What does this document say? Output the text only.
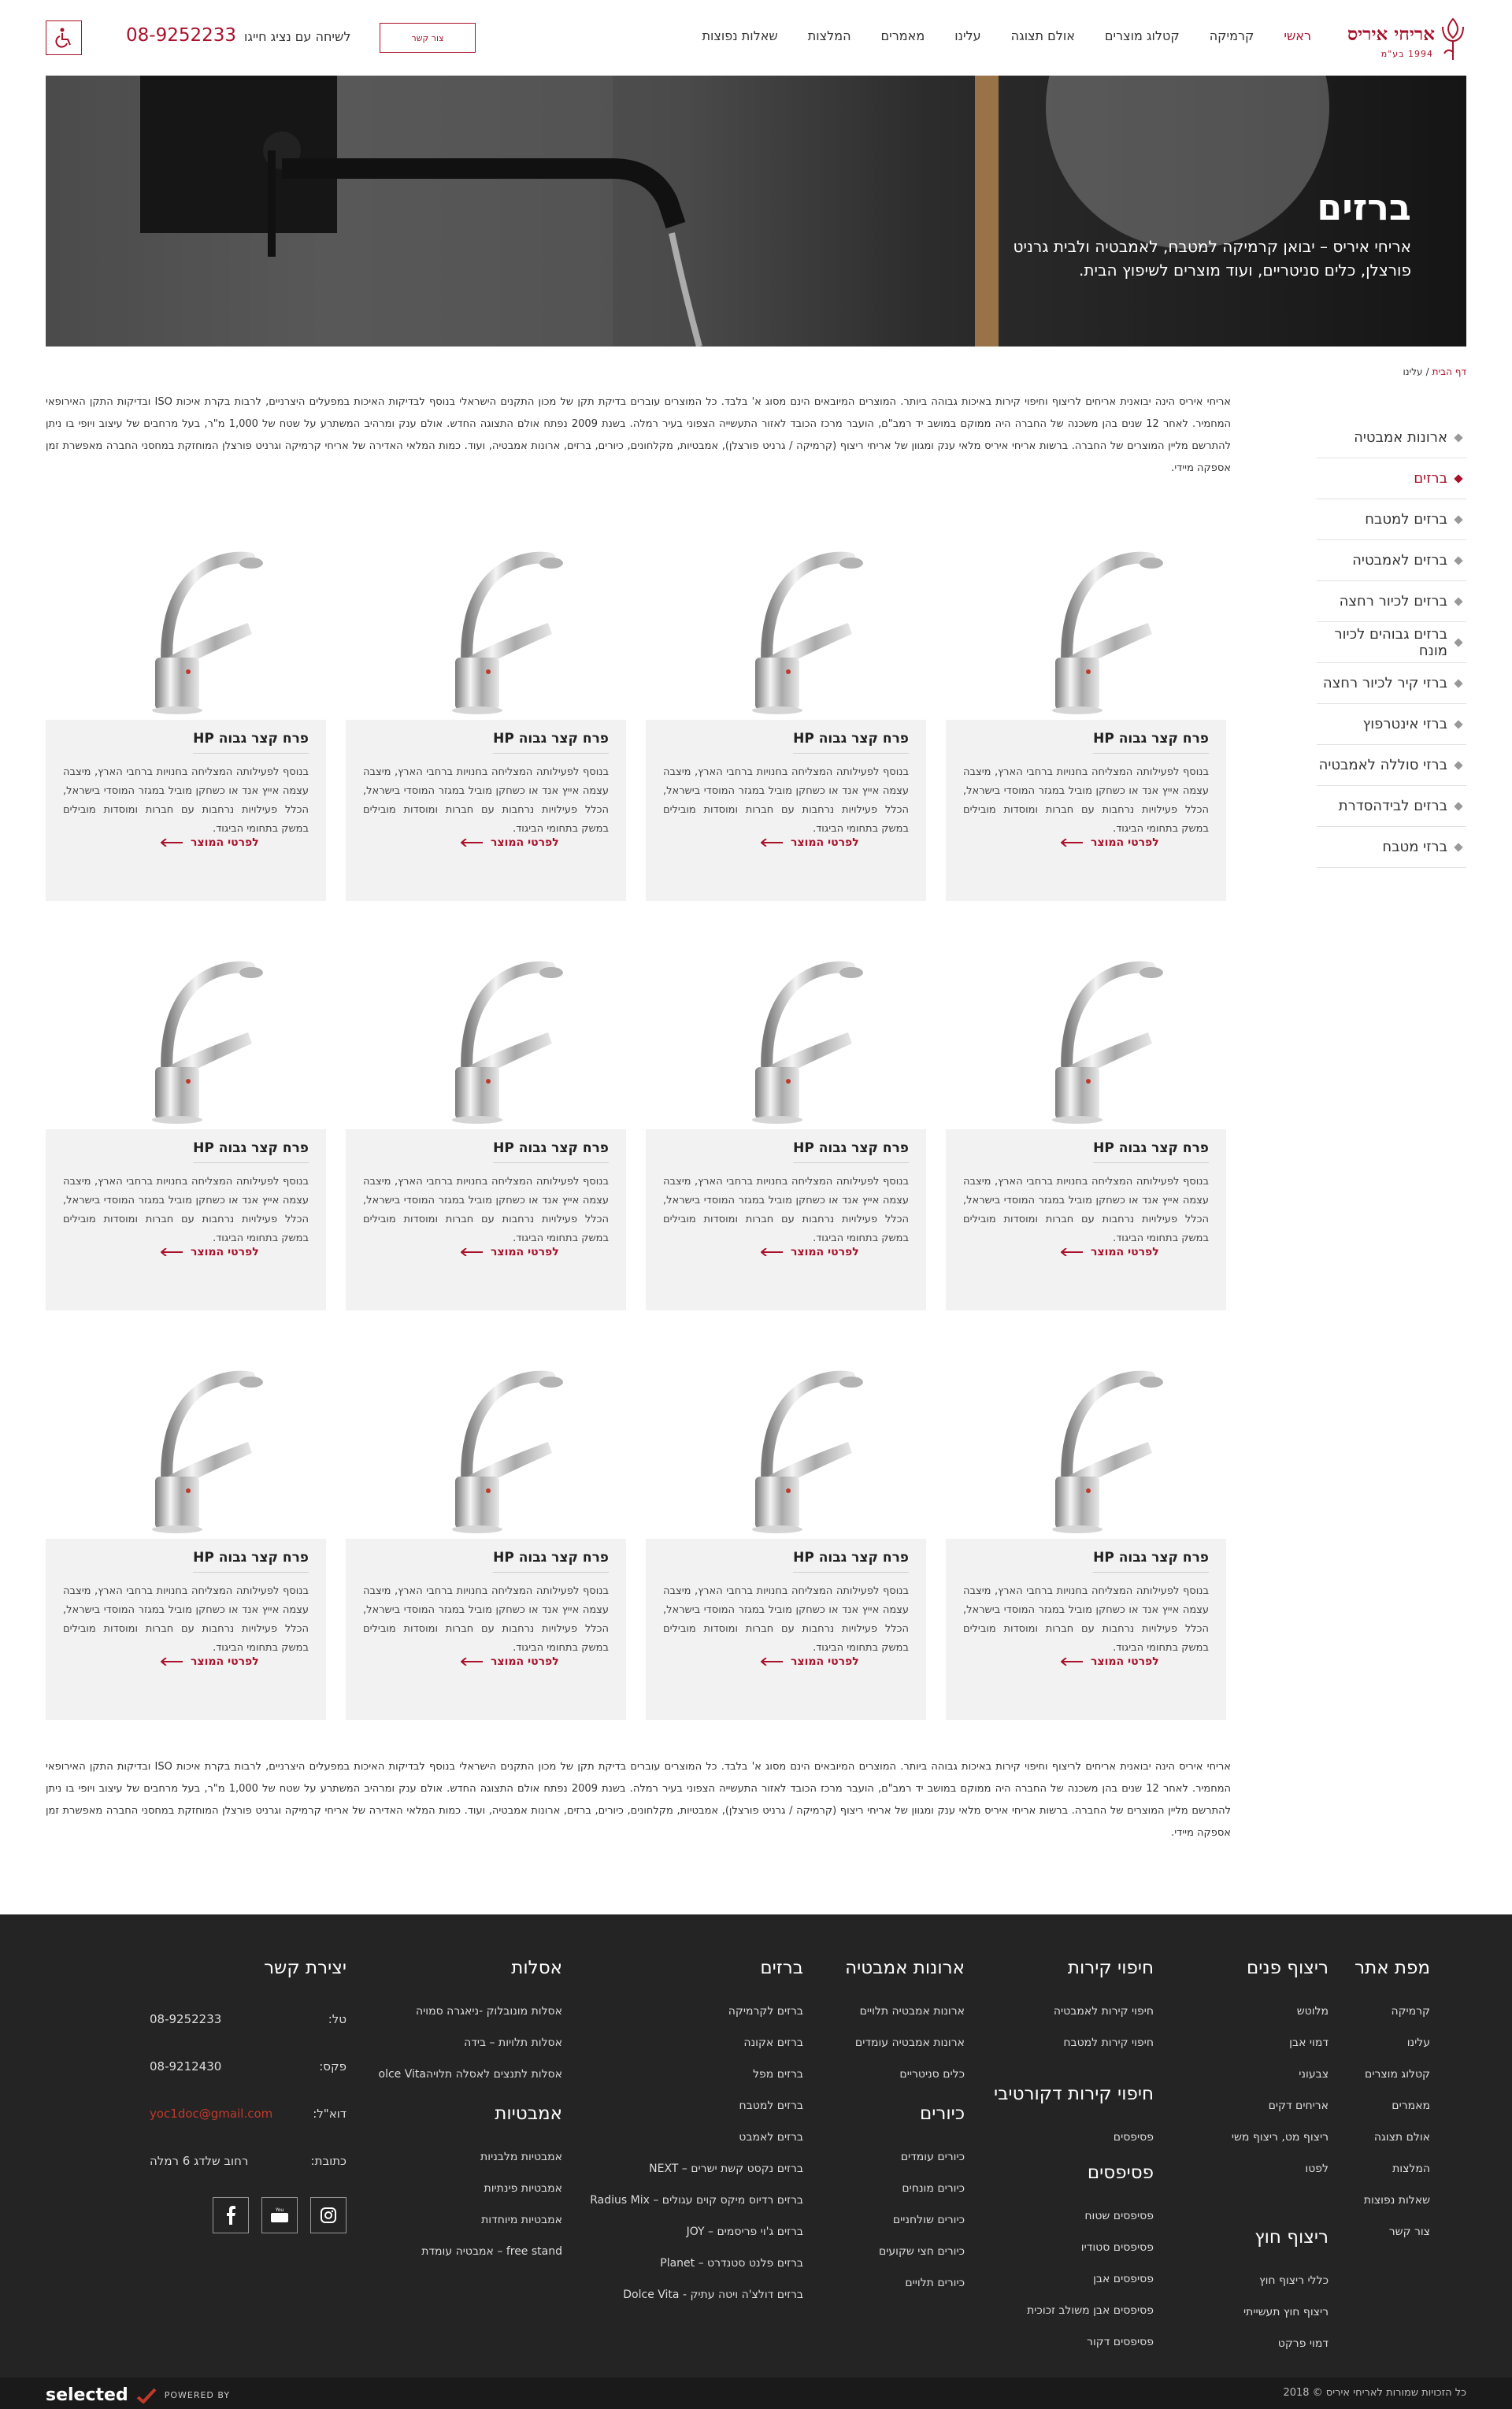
אריחי איריס
1994 בע"מ
ראשי
קרמיקה
קטלוג מוצרים
אולם תצוגה
עלינו
מאמרים
המלצות
שאלות נפוצות
צור קשר
לשיחה עם נציג חייגו
08-9252233
ברזים
אריחי איריס – יבואן קרמיקה למטבח, לאמבטיה ולבית גרניט פורצלן, כלים סניטריים, ועוד מוצרים לשיפוץ הבית.
דף הבית
/
עלינו
ארונות אמבטיה
ברזים
ברזים למטבח
ברזים לאמבטיה
ברזים לכיור רחצה
ברזים גבוהים לכיור מונח
ברזי קיר לכיור רחצה
ברזי אינטרפוץ
ברזי סוללה לאמבטיה
ברזים לבידהסדרת
ברזי מטבח

אריחי איריס הינה יבואנית אריחים לריצוף וחיפוי קירות באיכות גבוהה ביותר. המוצרים המיובאים הינם מסוג א' בלבד. כל המוצרים עוברים בדיקת תקן של מכון התקנים הישראלי בנוסף לבדיקות האיכות במפעלים היצרניים, לרבות בקרת איכות ISO ובדיקות התקן האירופאי המחמיר. לאחר 12 שנים בהן משכנה של החברה היה ממוקם במושב יד רמב"ם, הועבר מרכז הכובד לאזור התעשייה הצפוני בעיר רמלה. בשנת 2009 נפתח אולם התצוגה החדש. אולם ענק ומרהיב המשתרע על שטח של 1,000 מ"ר, בעל מרחבים של עיצוב ויופי בו ניתן להתרשם מליין המוצרים של החברה. ברשות אריחי איריס מלאי ענק ומגוון של אריחי ריצוף (קרמיקה / גרניט פורצלן), אמבטיות, מקלחונים, כיורים, ברזים, ארונות אמבטיה, ועוד. כמות המלאי האדירה של אריחי קרמיקה וגרניט פורצלן המוחזקת במחסני החברה מאפשרת זמן אספקה מיידי.

פרח קצר גבוה HP
בנוסף לפעילותה המצליחה בחנויות ברחבי הארץ, מיצבה עצמה אייץ אנד או כשחקן מוביל במגזר המוסדי בישראל, הכלל פעילויות נרחבות עם חברות ומוסדות מובילים במשק בתחומי הביגוד.
לפרטי המוצר
פרח קצר גבוה HP
בנוסף לפעילותה המצליחה בחנויות ברחבי הארץ, מיצבה עצמה אייץ אנד או כשחקן מוביל במגזר המוסדי בישראל, הכלל פעילויות נרחבות עם חברות ומוסדות מובילים במשק בתחומי הביגוד.
לפרטי המוצר
פרח קצר גבוה HP
בנוסף לפעילותה המצליחה בחנויות ברחבי הארץ, מיצבה עצמה אייץ אנד או כשחקן מוביל במגזר המוסדי בישראל, הכלל פעילויות נרחבות עם חברות ומוסדות מובילים במשק בתחומי הביגוד.
לפרטי המוצר
פרח קצר גבוה HP
בנוסף לפעילותה המצליחה בחנויות ברחבי הארץ, מיצבה עצמה אייץ אנד או כשחקן מוביל במגזר המוסדי בישראל, הכלל פעילויות נרחבות עם חברות ומוסדות מובילים במשק בתחומי הביגוד.
לפרטי המוצר
פרח קצר גבוה HP
בנוסף לפעילותה המצליחה בחנויות ברחבי הארץ, מיצבה עצמה אייץ אנד או כשחקן מוביל במגזר המוסדי בישראל, הכלל פעילויות נרחבות עם חברות ומוסדות מובילים במשק בתחומי הביגוד.
לפרטי המוצר
פרח קצר גבוה HP
בנוסף לפעילותה המצליחה בחנויות ברחבי הארץ, מיצבה עצמה אייץ אנד או כשחקן מוביל במגזר המוסדי בישראל, הכלל פעילויות נרחבות עם חברות ומוסדות מובילים במשק בתחומי הביגוד.
לפרטי המוצר
פרח קצר גבוה HP
בנוסף לפעילותה המצליחה בחנויות ברחבי הארץ, מיצבה עצמה אייץ אנד או כשחקן מוביל במגזר המוסדי בישראל, הכלל פעילויות נרחבות עם חברות ומוסדות מובילים במשק בתחומי הביגוד.
לפרטי המוצר
פרח קצר גבוה HP
בנוסף לפעילותה המצליחה בחנויות ברחבי הארץ, מיצבה עצמה אייץ אנד או כשחקן מוביל במגזר המוסדי בישראל, הכלל פעילויות נרחבות עם חברות ומוסדות מובילים במשק בתחומי הביגוד.
לפרטי המוצר
פרח קצר גבוה HP
בנוסף לפעילותה המצליחה בחנויות ברחבי הארץ, מיצבה עצמה אייץ אנד או כשחקן מוביל במגזר המוסדי בישראל, הכלל פעילויות נרחבות עם חברות ומוסדות מובילים במשק בתחומי הביגוד.
לפרטי המוצר
פרח קצר גבוה HP
בנוסף לפעילותה המצליחה בחנויות ברחבי הארץ, מיצבה עצמה אייץ אנד או כשחקן מוביל במגזר המוסדי בישראל, הכלל פעילויות נרחבות עם חברות ומוסדות מובילים במשק בתחומי הביגוד.
לפרטי המוצר
פרח קצר גבוה HP
בנוסף לפעילותה המצליחה בחנויות ברחבי הארץ, מיצבה עצמה אייץ אנד או כשחקן מוביל במגזר המוסדי בישראל, הכלל פעילויות נרחבות עם חברות ומוסדות מובילים במשק בתחומי הביגוד.
לפרטי המוצר
פרח קצר גבוה HP
בנוסף לפעילותה המצליחה בחנויות ברחבי הארץ, מיצבה עצמה אייץ אנד או כשחקן מוביל במגזר המוסדי בישראל, הכלל פעילויות נרחבות עם חברות ומוסדות מובילים במשק בתחומי הביגוד.
לפרטי המוצר

אריחי איריס הינה יבואנית אריחים לריצוף וחיפוי קירות באיכות גבוהה ביותר. המוצרים המיובאים הינם מסוג א' בלבד. כל המוצרים עוברים בדיקת תקן של מכון התקנים הישראלי בנוסף לבדיקות האיכות במפעלים היצרניים, לרבות בקרת איכות ISO ובדיקות התקן האירופאי המחמיר. לאחר 12 שנים בהן משכנה של החברה היה ממוקם במושב יד רמב"ם, הועבר מרכז הכובד לאזור התעשייה הצפוני בעיר רמלה. בשנת 2009 נפתח אולם התצוגה החדש. אולם ענק ומרהיב המשתרע על שטח של 1,000 מ"ר, בעל מרחבים של עיצוב ויופי בו ניתן להתרשם מליין המוצרים של החברה. ברשות אריחי איריס מלאי ענק ומגוון של אריחי ריצוף (קרמיקה / גרניט פורצלן), אמבטיות, מקלחונים, כיורים, ברזים, ארונות אמבטיה, ועוד. כמות המלאי האדירה של אריחי קרמיקה וגרניט פורצלן המוחזקת במחסני החברה מאפשרת זמן אספקה מיידי.

יצירת קשר
טל:
08-9252233
פקס:
08-9212430
דוא"ל:
yoc1doc@gmail.com
כתובת:
רחוב שלדג 6 רמלה
You
מפת אתר
קרמיקה
עלינו
קטלוג מוצרים
מאמרים
אולם תצוגה
המלצות
שאלות נפוצות
צור קשר
ריצוף פנים
מלוטש
דמוי אבן
צבעוני
אריחים דקים
ריצוף מט, ריצוף משי
לפטו
ריצוף חוץ
כללי ריצוף חוץ
ריצוף חוץ תעשייתי
דמוי פרקט
חיפוי קירות
חיפוי קירות לאמבטיה
חיפוי קירות למטבח
חיפוי קירות דקורטיבי
פסיפסים
פסיפסים
פסיפסים שטוח
פסיפסים סטודיו
פסיפסים אבן
פסיפסים אבן משולב זכוכית
פסיפסים דקור
ארונות אמבטיה
ארונות אמבטיה תלויים
ארונות אמבטיה עומדים
כלים סניטריים
כיורים
כיורים עומדים
כיורים מונחים
כיורים שולחניים
כיורים חצי שקועים
כיורים תלויים
ברזים
ברזים לקרמיקה
ברזים אקונה
ברזים מפל
ברזים למטבח
ברזים לאמבט
ברזים נקסט קשת ישרים – NEXT
ברזים רדיוס מיקס קוים עגולים – Radius Mix
ברזים ג'וי פריסמים – JOY
ברזים פלנט סטנדרט – Planet
ברזים דולצ'ה ויטה עתיק - Dolce Vita
אסלות
אסלות מונובלוק -ניאגרה סמויה
אסלות תלויות – בידה
אסלות לתנצים לאסלה תלויהolce Vita
אמבטיות
אמבטיות מלבניות
אמבטיות פינתיות
אמבטיות מיוחדות
free stand – אמבטיה עומדת
כל הזכויות שמורות לאריחי איריס © 2018
POWERED BY
selected
